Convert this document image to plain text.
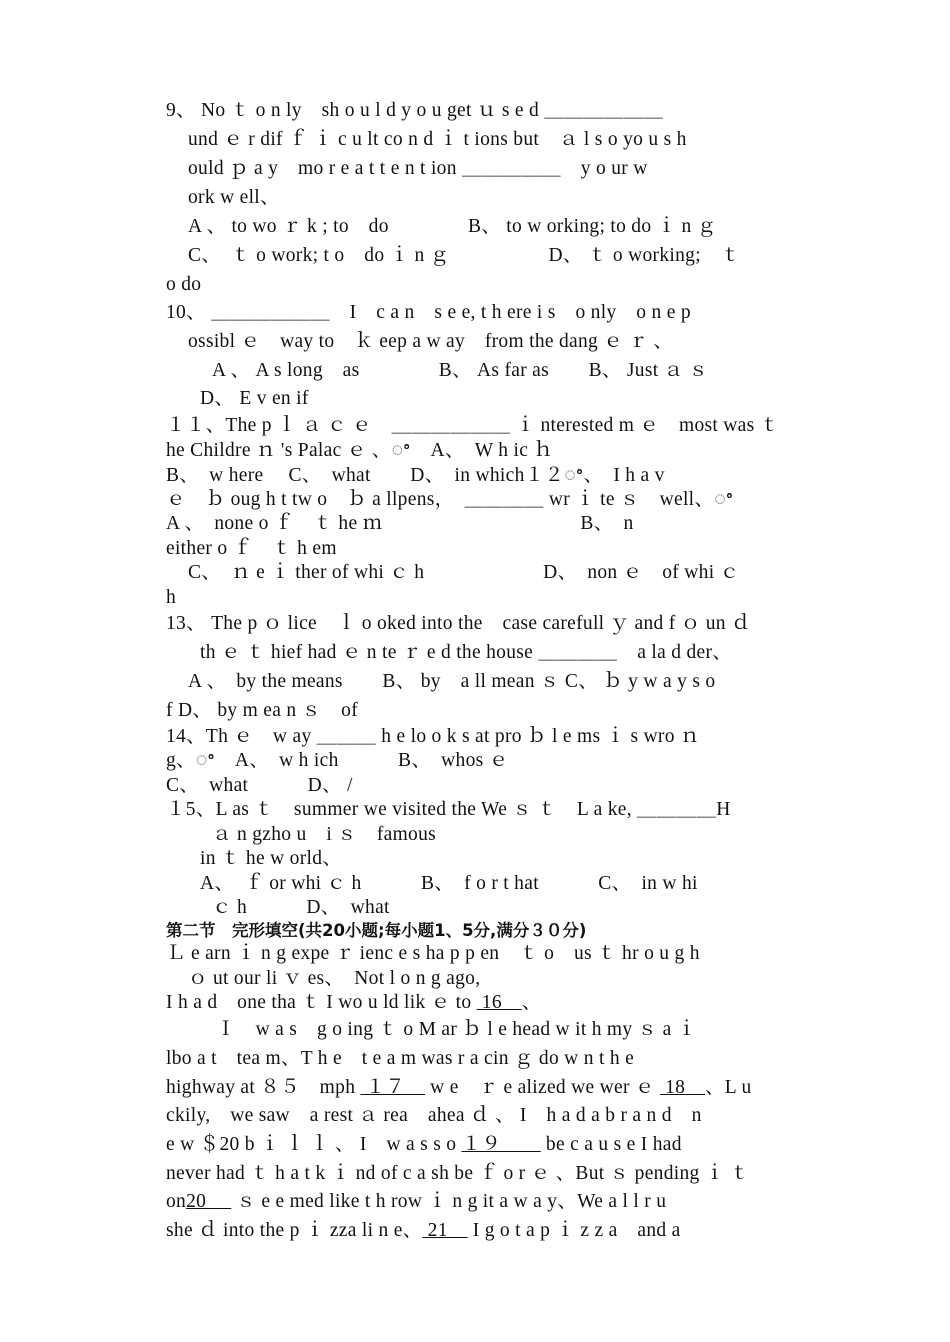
9、 No ｔ o n ly　sh o u l d y o u get ｕ s e d ＿＿＿＿＿＿
und ｅ r dif ｆ ｉ c u lt co n d ｉ t ions but　ａ l s o yo u s h
ould ｐ a y　mo r e a t t e n t ion ＿＿＿＿＿　y o ur w
ork w ell、
A 、 to wo ｒ k ; to　do　　　　B、 to w orking; to do ｉ n ｇ
C、　ｔ o work; t o　do ｉ n ｇ　　　　　D、 ｔ o working;　ｔ
o do
10、 ＿＿＿＿＿＿　I　c a n　s e e, t h ere i s　o nly　o n e p
ossibl ｅ　way to　ｋ eep a w ay　from the dang ｅ ｒ 、
A 、 A s long　as　　　　B、 As far as　　B、 Just ａ ｓ
D、 E v en if
１１、The p ｌ ａ ｃ ｅ　＿＿＿＿＿＿ ｉ nterested m ｅ　most was ｔ
he Childre ｎ 's Palac ｅ 、ꢀ　A、　W h ic ｈ
B、　w here　 C、　what　　D、　in which１２ꢀ、　I h a v
ｅ　ｂ oug h t tw o　ｂ a llpens，　＿＿＿＿ wr ｉ te ｓ　well、ꢀ
A 、　none o ｆ　ｔ he ｍ　　　　　　　　　　B、　n
either o ｆ　ｔ h em
C、　ｎ e ｉ ther of whi ｃ h　　　　　　D、　non ｅ　of whi ｃ
h
13、 The p ｏ lice　ｌ o oked into the　case carefull ｙ and f ｏ un ｄ
th ｅ ｔ hief had ｅ n te ｒ e d the house ＿＿＿＿　a la d der、
A 、　by the means　　B、 by　a ll mean ｓ C、 ｂ y w a y s o
f D、 by m ea n ｓ　of
14、Th ｅ　w ay ＿＿＿ h e lo o k s at pro ｂ l e ms ｉ s wro ｎ
g、ꢀ　A、　w h ich　　　B、　whos ｅ
C、　what　　　D、 /
１5、L as ｔ　summer we visited the We ｓ ｔ　L a ke, ＿＿＿＿H
ａ n gzho u　i ｓ　famous
in ｔ he w orld、
A、　ｆ or whi ｃ h　　　B、　f o r t hat　　　C、　in w hi
ｃ h　　　D、　what
第二节　完形填空(共20小题;每小题1、5分,满分３０分)
Ｌ e arn ｉ n g expe ｒ ienc e s ha p p en　ｔ o　us ｔ hr o u g h
ｏ ut our li ｖ es、　Not l o n g ago,
I h a d　one tha ｔ I wo u ld lik ｅ to  16　、
Ｉ　w a s　g o ing ｔ o M ar ｂ l e head w it h my ｓ a ｉ
lbo a t　tea m、T h e　t e a m was r a cin ｇ do w n t h e
highway at ８５　mph  １７　 w e　ｒ e alized we wer ｅ  18　、L u
ckily,　we saw　a rest ａ rea　ahea ｄ 、 I　h a d a b r a n d　n
e w ＄20 b ｉ ｌ ｌ 、 I　w a s s o １９　　 be c a u s e I had
never had ｔ h a t k ｉ nd of c a sh be ｆ o r ｅ 、But ｓ pending ｉ ｔ
on20　  ｓ e e med like t h row ｉ n g it a w a y、We a l l r u
she ｄ into the p ｉ zza li n e、 21　 I g o t a p ｉ z z a　and a
